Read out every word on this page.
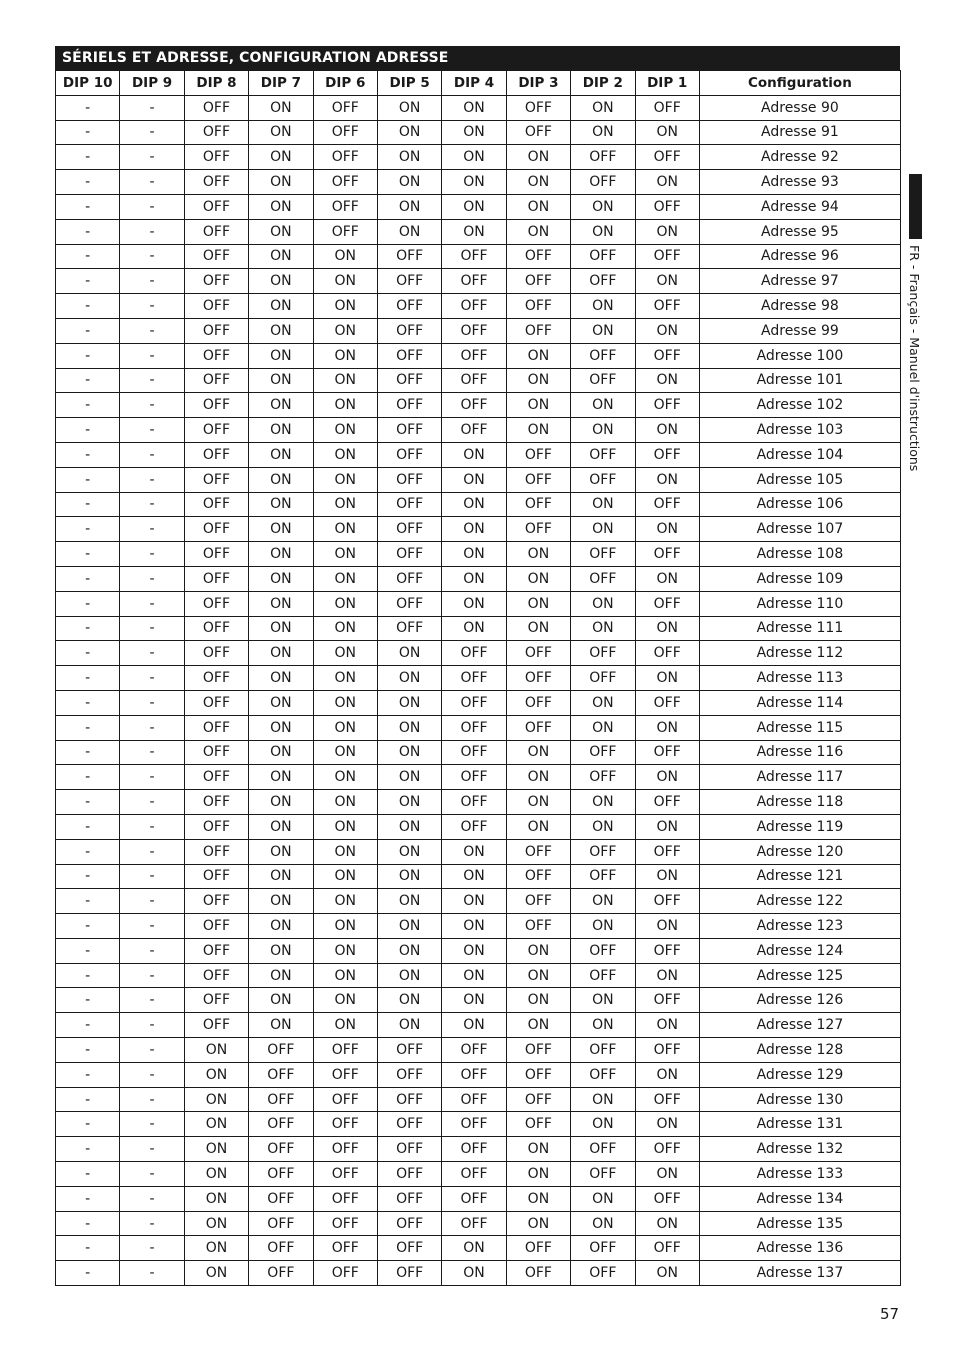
SÉRIELS ET ADRESSE, CONFIGURATION ADRESSE
DIP 10	DIP 9	DIP 8	DIP 7	DIP 6	DIP 5	DIP 4	DIP 3	DIP 2	DIP 1	Configuration
-	-	OFF	ON	OFF	ON	ON	OFF	ON	OFF	Adresse 90
-	-	OFF	ON	OFF	ON	ON	OFF	ON	ON	Adresse 91
-	-	OFF	ON	OFF	ON	ON	ON	OFF	OFF	Adresse 92
-	-	OFF	ON	OFF	ON	ON	ON	OFF	ON	Adresse 93
-	-	OFF	ON	OFF	ON	ON	ON	ON	OFF	Adresse 94
-	-	OFF	ON	OFF	ON	ON	ON	ON	ON	Adresse 95
-	-	OFF	ON	ON	OFF	OFF	OFF	OFF	OFF	Adresse 96
-	-	OFF	ON	ON	OFF	OFF	OFF	OFF	ON	Adresse 97
-	-	OFF	ON	ON	OFF	OFF	OFF	ON	OFF	Adresse 98
-	-	OFF	ON	ON	OFF	OFF	OFF	ON	ON	Adresse 99
-	-	OFF	ON	ON	OFF	OFF	ON	OFF	OFF	Adresse 100
-	-	OFF	ON	ON	OFF	OFF	ON	OFF	ON	Adresse 101
-	-	OFF	ON	ON	OFF	OFF	ON	ON	OFF	Adresse 102
-	-	OFF	ON	ON	OFF	OFF	ON	ON	ON	Adresse 103
-	-	OFF	ON	ON	OFF	ON	OFF	OFF	OFF	Adresse 104
-	-	OFF	ON	ON	OFF	ON	OFF	OFF	ON	Adresse 105
-	-	OFF	ON	ON	OFF	ON	OFF	ON	OFF	Adresse 106
-	-	OFF	ON	ON	OFF	ON	OFF	ON	ON	Adresse 107
-	-	OFF	ON	ON	OFF	ON	ON	OFF	OFF	Adresse 108
-	-	OFF	ON	ON	OFF	ON	ON	OFF	ON	Adresse 109
-	-	OFF	ON	ON	OFF	ON	ON	ON	OFF	Adresse 110
-	-	OFF	ON	ON	OFF	ON	ON	ON	ON	Adresse 111
-	-	OFF	ON	ON	ON	OFF	OFF	OFF	OFF	Adresse 112
-	-	OFF	ON	ON	ON	OFF	OFF	OFF	ON	Adresse 113
-	-	OFF	ON	ON	ON	OFF	OFF	ON	OFF	Adresse 114
-	-	OFF	ON	ON	ON	OFF	OFF	ON	ON	Adresse 115
-	-	OFF	ON	ON	ON	OFF	ON	OFF	OFF	Adresse 116
-	-	OFF	ON	ON	ON	OFF	ON	OFF	ON	Adresse 117
-	-	OFF	ON	ON	ON	OFF	ON	ON	OFF	Adresse 118
-	-	OFF	ON	ON	ON	OFF	ON	ON	ON	Adresse 119
-	-	OFF	ON	ON	ON	ON	OFF	OFF	OFF	Adresse 120
-	-	OFF	ON	ON	ON	ON	OFF	OFF	ON	Adresse 121
-	-	OFF	ON	ON	ON	ON	OFF	ON	OFF	Adresse 122
-	-	OFF	ON	ON	ON	ON	OFF	ON	ON	Adresse 123
-	-	OFF	ON	ON	ON	ON	ON	OFF	OFF	Adresse 124
-	-	OFF	ON	ON	ON	ON	ON	OFF	ON	Adresse 125
-	-	OFF	ON	ON	ON	ON	ON	ON	OFF	Adresse 126
-	-	OFF	ON	ON	ON	ON	ON	ON	ON	Adresse 127
-	-	ON	OFF	OFF	OFF	OFF	OFF	OFF	OFF	Adresse 128
-	-	ON	OFF	OFF	OFF	OFF	OFF	OFF	ON	Adresse 129
-	-	ON	OFF	OFF	OFF	OFF	OFF	ON	OFF	Adresse 130
-	-	ON	OFF	OFF	OFF	OFF	OFF	ON	ON	Adresse 131
-	-	ON	OFF	OFF	OFF	OFF	ON	OFF	OFF	Adresse 132
-	-	ON	OFF	OFF	OFF	OFF	ON	OFF	ON	Adresse 133
-	-	ON	OFF	OFF	OFF	OFF	ON	ON	OFF	Adresse 134
-	-	ON	OFF	OFF	OFF	OFF	ON	ON	ON	Adresse 135
-	-	ON	OFF	OFF	OFF	ON	OFF	OFF	OFF	Adresse 136
-	-	ON	OFF	OFF	OFF	ON	OFF	OFF	ON	Adresse 137
FR - Français - Manuel d'instructions
57
